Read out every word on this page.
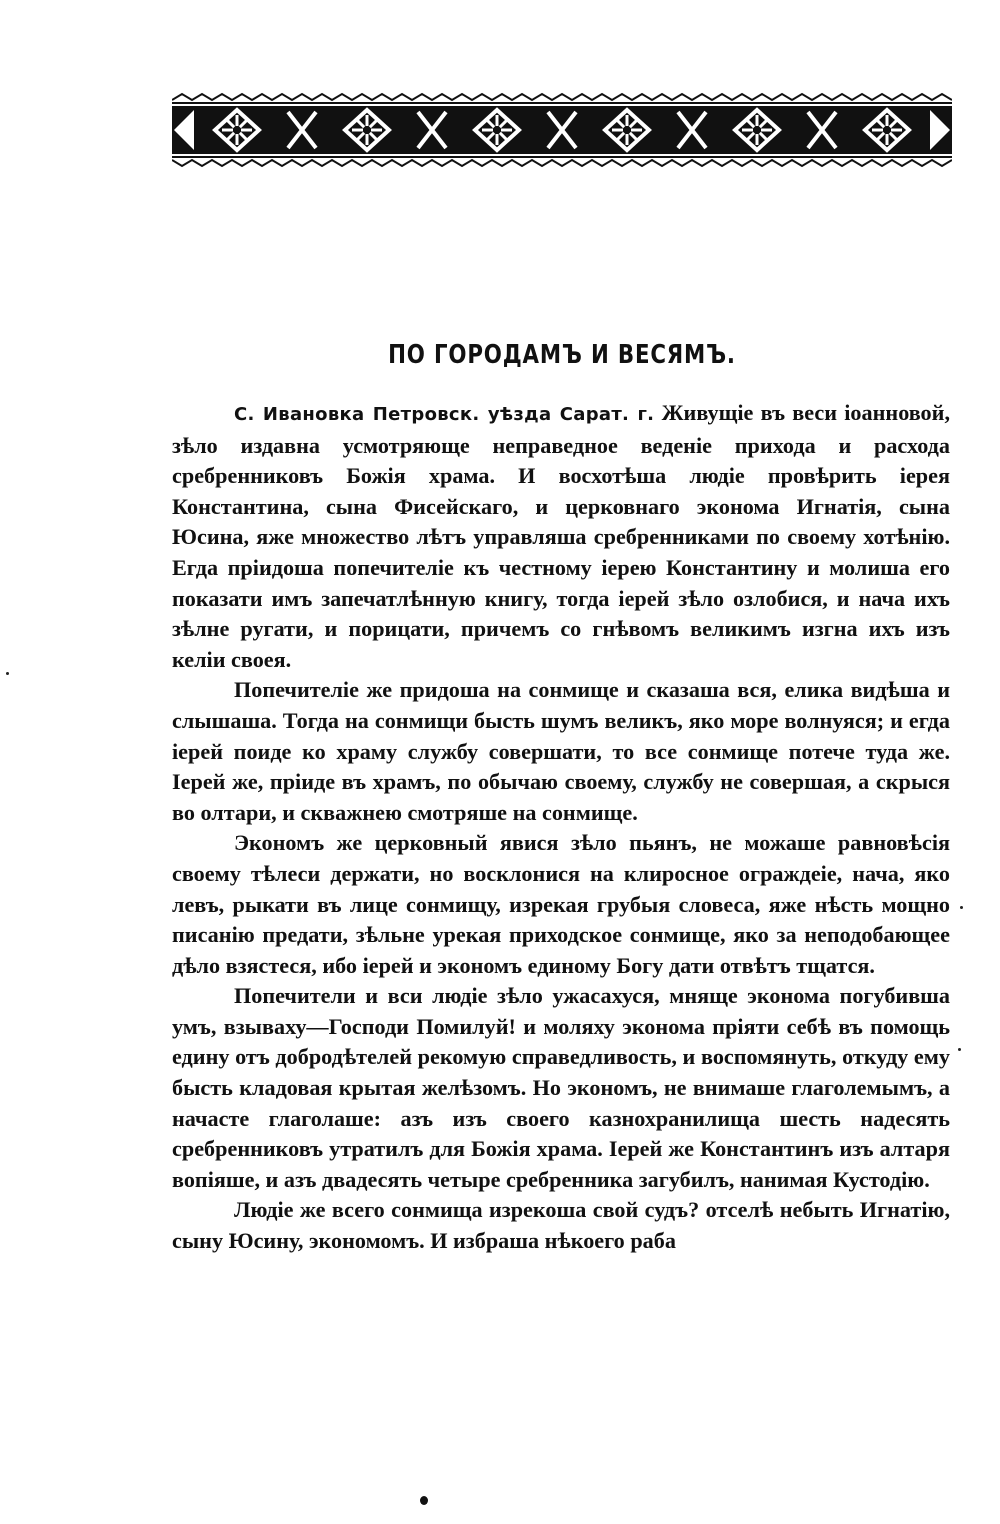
ПО ГОРОДАМЪ И ВЕСЯМЪ.

С. Ивановка Петровск. уѣзда Сарат. г. Живущіе въ веси іоанновой, зѣло издавна усмотряюще неправедное веденіе прихода и расхода сребренниковъ Божія храма. И восхотѣша людіе провѣрить іерея Константина, сына Фисейскаго, и церковнаго эконома Игнатія, сына Юсина, яже множество лѣтъ управляша сребренниками по своему хотѣнію. Егда пріидоша попечителіе къ честному іерею Константину и молиша его показати имъ запечатлѣнную книгу, тогда іерей зѣло озлобися, и нача ихъ зѣлне ругати, и порицати, причемъ со гнѣвомъ великимъ изгна ихъ изъ келіи своея.

Попечителіе же придоша на сонмище и сказаша вся, елика видѣша и слышаша. Тогда на сонмищи бысть шумъ великъ, яко море волнуяся; и егда іерей поиде ко храму службу совершати, то все сонмище потече туда же. Іерей же, пріиде въ храмъ, по обычаю своему, службу не совершая, а скрыся во олтари, и скважнею смотряше на сонмище.

Экономъ же церковный явися зѣло пьянъ, не можаше равновѣсія своему тѣлеси держати, но восклонися на клиросное ограждеіе, нача, яко левъ, рыкати въ лице сонмищу, изрекая грубыя словеса, яже нѣсть мощно писанію предати, зѣльне урекая приходское сонмище, яко за неподобающее дѣло взястеся, ибо іерей и экономъ единому Богу дати отвѣтъ тщатся.

Попечители и вси людіе зѣло ужасахуся, мняще эконома погубивша умъ, взываху—Господи Помилуй! и моляху эконома пріяти себѣ въ помощь едину отъ добродѣтелей рекомую справедливость, и воспомянуть, откуду ему бысть кладовая крытая желѣзомъ. Но экономъ, не внимаше глаголемымъ, а начасте глаголаше: азъ изъ своего казнохранилища шесть надесять сребренниковъ утратилъ для Божія храма. Іерей же Константинъ изъ алтаря вопіяше, и азъ двадесять четыре сребренника загубилъ, нанимая Кустодію.

Людіе же всего сонмища изрекоша свой судъ? отселѣ небыть Игнатію, сыну Юсину, экономомъ. И избраша нѣкоего раба
